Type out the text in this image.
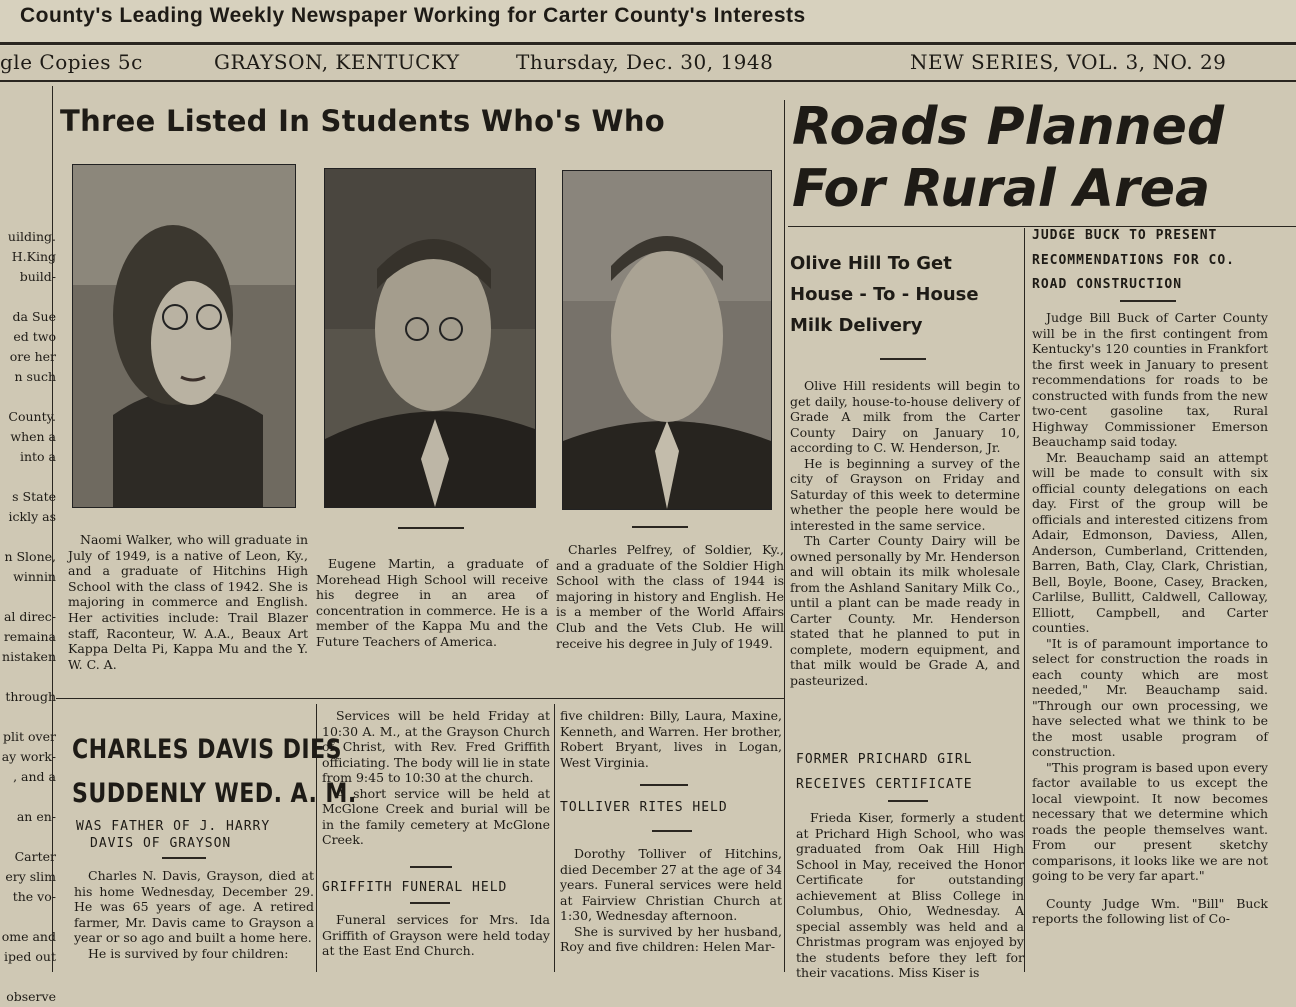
County's Leading Weekly Newspaper Working for Carter County's Interests
gle Copies 5c	GRAYSON, KENTUCKY	Thursday, Dec. 30, 1948	NEW SERIES, VOL. 3, NO. 29
uilding.
H.King
build-

da Sue
ed two
ore her
n such

County.
when a
into a

s State
ickly as

n Slone,
winnin

al direc-
remaina
nistaken

through

plit over
ay work-
, and a

an en-

Carter
ery slim
the vo-

ome and
iped out

observe
Three Listed In Students Who's Who

Naomi Walker, who will graduate in July of 1949, is a native of Leon, Ky., and a graduate of Hitchins High School with the class of 1942. She is majoring in commerce and English. Her activities include: Trail Blazer staff, Raconteur, W. A.A., Beaux Art Kappa Delta Pi, Kappa Mu and the Y. W. C. A.

Eugene Martin, a graduate of Morehead High School will receive his degree in an area of concentration in commerce. He is a member of the Kappa Mu and the Future Teachers of America.

Charles Pelfrey, of Soldier, Ky., and a graduate of the Soldier High School with the class of 1944 is majoring in history and English. He is a member of the World Affairs Club and the Vets Club. He will receive his degree in July of 1949.

Roads Planned
For Rural Area
JUDGE BUCK TO PRESENT
RECOMMENDATIONS FOR CO.
ROAD CONSTRUCTION

Judge Bill Buck of Carter County will be in the first contingent from Kentucky's 120 counties in Frankfort the first week in January to present recommendations for roads to be constructed with funds from the new two-cent gasoline tax, Rural Highway Commissioner Emerson Beauchamp said today.

Mr. Beauchamp said an attempt will be made to consult with six official county delegations on each day. First of the group will be officials and interested citizens from Adair, Edmonson, Daviess, Allen, Anderson, Cumberland, Crittenden, Barren, Bath, Clay, Clark, Christian, Bell, Boyle, Boone, Casey, Bracken, Carlilse, Bullitt, Caldwell, Calloway, Elliott, Campbell, and Carter counties.

"It is of paramount importance to select for construction the roads in each county which are most needed," Mr. Beauchamp said. "Through our own processing, we have selected what we think to be the most usable program of construction.

"This program is based upon every factor available to us except the local viewpoint. It now becomes necessary that we determine which roads the people themselves want. From our present sketchy comparisons, it looks like we are not going to be very far apart."

County Judge Wm. "Bill" Buck reports the following list of Co-

Olive Hill To Get
House - To - House
Milk Delivery

Olive Hill residents will begin to get daily, house-to-house delivery of Grade A milk from the Carter County Dairy on January 10, according to C. W. Henderson, Jr.

He is beginning a survey of the city of Grayson on Friday and Saturday of this week to determine whether the people here would be interested in the same service.

Th Carter County Dairy will be owned personally by Mr. Henderson and will obtain its milk wholesale from the Ashland Sanitary Milk Co., until a plant can be made ready in Carter County. Mr. Henderson stated that he planned to put in complete, modern equipment, and that milk would be Grade A, and pasteurized.

FORMER PRICHARD GIRL
RECEIVES CERTIFICATE

Frieda Kiser, formerly a student at Prichard High School, who was graduated from Oak Hill High School in May, received the Honor Certificate for outstanding achievement at Bliss College in Columbus, Ohio, Wednesday. A special assembly was held and a Christmas program was enjoyed by the students before they left for their vacations. Miss Kiser is

CHARLES DAVIS DIES
SUDDENLY WED. A. M.
WAS FATHER OF J. HARRY
DAVIS OF GRAYSON

Charles N. Davis, Grayson, died at his home Wednesday, December 29. He was 65 years of age. A retired farmer, Mr. Davis came to Grayson a year or so ago and built a home here.

He is survived by four children:

Services will be held Friday at 10:30 A. M., at the Grayson Church of Christ, with Rev. Fred Griffith officiating. The body will lie in state from 9:45 to 10:30 at the church.

A short service will be held at McGlone Creek and burial will be in the family cemetery at McGlone Creek.

GRIFFITH FUNERAL HELD

Funeral services for Mrs. Ida Griffith of Grayson were held today at the East End Church.

five children: Billy, Laura, Maxine, Kenneth, and Warren. Her brother, Robert Bryant, lives in Logan, West Virginia.

TOLLIVER RITES HELD

Dorothy Tolliver of Hitchins, died December 27 at the age of 34 years. Funeral services were held at Fairview Christian Church at 1:30, Wednesday afternoon.

She is survived by her husband, Roy and five children: Helen Mar-
